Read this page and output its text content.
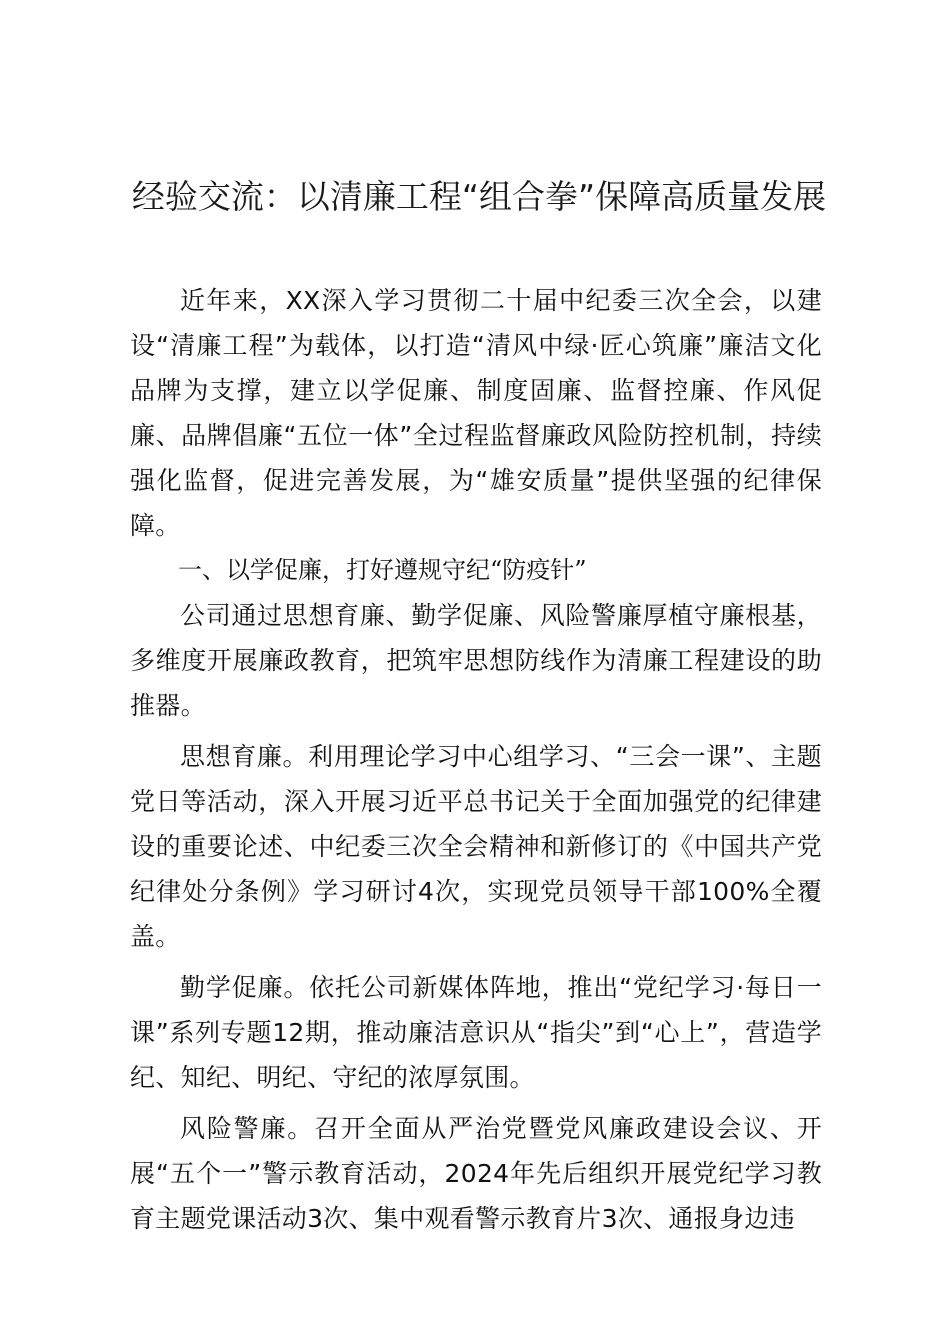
经验交流：以清廉工程“组合拳”保障高质量发展

近年来，XX深入学习贯彻二十届中纪委三次全会，以建设“清廉工程”为载体，以打造“清风中绿·匠心筑廉”廉洁文化品牌为支撑，建立以学促廉、制度固廉、监督控廉、作风促廉、品牌倡廉“五位一体”全过程监督廉政风险防控机制，持续强化监督，促进完善发展，为“雄安质量”提供坚强的纪律保障。

一、以学促廉，打好遵规守纪“防疫针”

公司通过思想育廉、勤学促廉、风险警廉厚植守廉根基，多维度开展廉政教育，把筑牢思想防线作为清廉工程建设的助推器。

思想育廉。利用理论学习中心组学习、“三会一课”、主题党日等活动，深入开展习近平总书记关于全面加强党的纪律建设的重要论述、中纪委三次全会精神和新修订的《中国共产党纪律处分条例》学习研讨4次，实现党员领导干部100%全覆盖。

勤学促廉。依托公司新媒体阵地，推出“党纪学习·每日一课”系列专题12期，推动廉洁意识从“指尖”到“心上”，营造学纪、知纪、明纪、守纪的浓厚氛围。

风险警廉。召开全面从严治党暨党风廉政建设会议、开展“五个一”警示教育活动，2024年先后组织开展党纪学习教育主题党课活动3次、集中观看警示教育片3次、通报身边违
